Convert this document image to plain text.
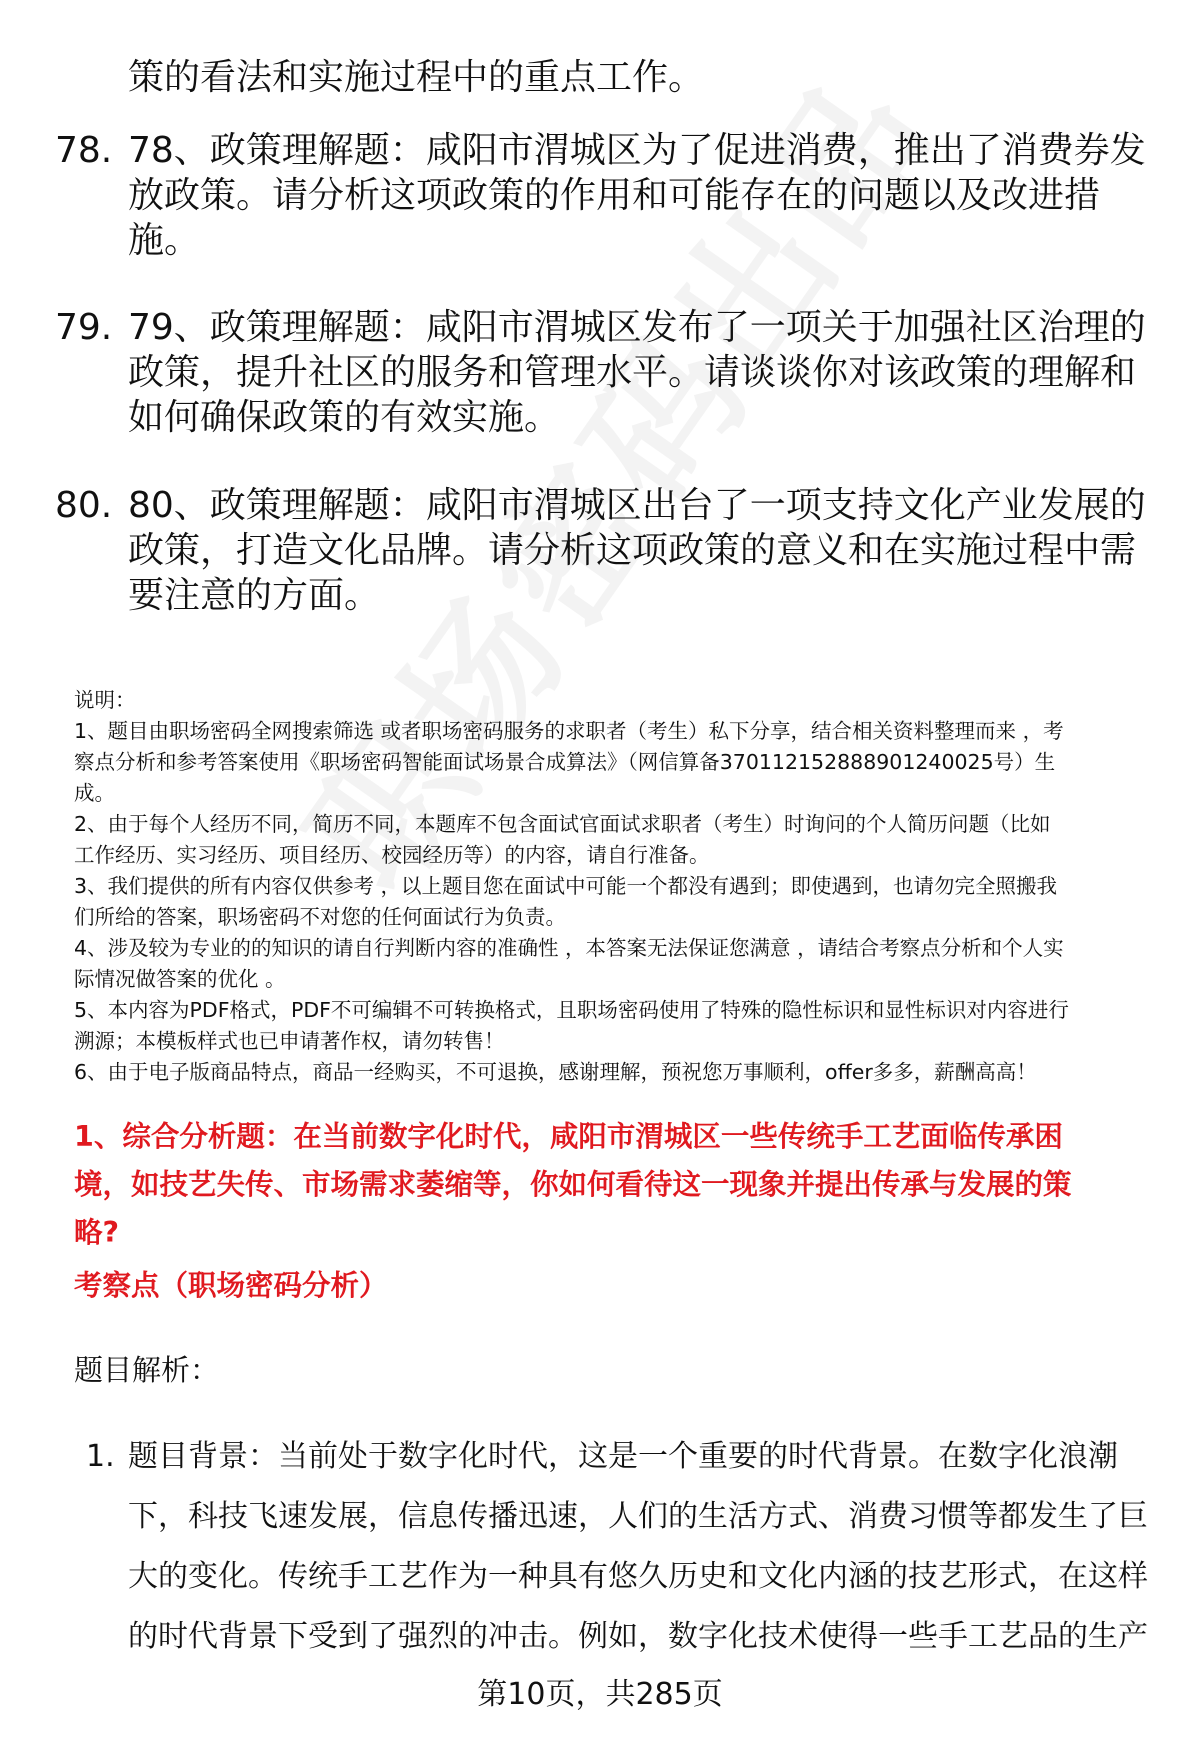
策的看法和实施过程中的重点工作。
78. 78、政策理解题：咸阳市渭城区为了促进消费，推出了消费券发
放政策。请分析这项政策的作用和可能存在的问题以及改进措
施。
79. 79、政策理解题：咸阳市渭城区发布了一项关于加强社区治理的
政策，提升社区的服务和管理水平。请谈谈你对该政策的理解和
如何确保政策的有效实施。
80. 80、政策理解题：咸阳市渭城区出台了一项支持文化产业发展的
政策，打造文化品牌。请分析这项政策的意义和在实施过程中需
要注意的方面。
说明：
1、题目由职场密码全网搜索筛选 或者职场密码服务的求职者（考生）私下分享，结合相关资料整理而来 ，考
察点分析和参考答案使用《职场密码智能面试场景合成算法》（网信算备370112152888901240025号）生
成。
2、由于每个人经历不同，简历不同，本题库不包含面试官面试求职者（考生）时询问的个人简历问题（比如
工作经历、实习经历、项目经历、校园经历等）的内容，请自行准备。
3、我们提供的所有内容仅供参考 ，以上题目您在面试中可能一个都没有遇到；即使遇到，也请勿完全照搬我
们所给的答案，职场密码不对您的任何面试行为负责。
4、涉及较为专业的的知识的请自行判断内容的准确性 ，本答案无法保证您满意 ，请结合考察点分析和个人实
际情况做答案的优化 。
5、本内容为PDF格式，PDF不可编辑不可转换格式，且职场密码使用了特殊的隐性标识和显性标识对内容进行
溯源；本模板样式也已申请著作权，请勿转售！
6、由于电子版商品特点，商品一经购买，不可退换，感谢理解，预祝您万事顺利，offer多多，薪酬高高！
1、综合分析题：在当前数字化时代，咸阳市渭城区一些传统手工艺面临传承困
境，如技艺失传、市场需求萎缩等，你如何看待这一现象并提出传承与发展的策
略?
考察点（职场密码分析）
题目解析：
1. 题目背景：当前处于数字化时代，这是一个重要的时代背景。在数字化浪潮
下，科技飞速发展，信息传播迅速，人们的生活方式、消费习惯等都发生了巨
大的变化。传统手工艺作为一种具有悠久历史和文化内涵的技艺形式，在这样
的时代背景下受到了强烈的冲击。例如，数字化技术使得一些手工艺品的生产
第10页，共285页
